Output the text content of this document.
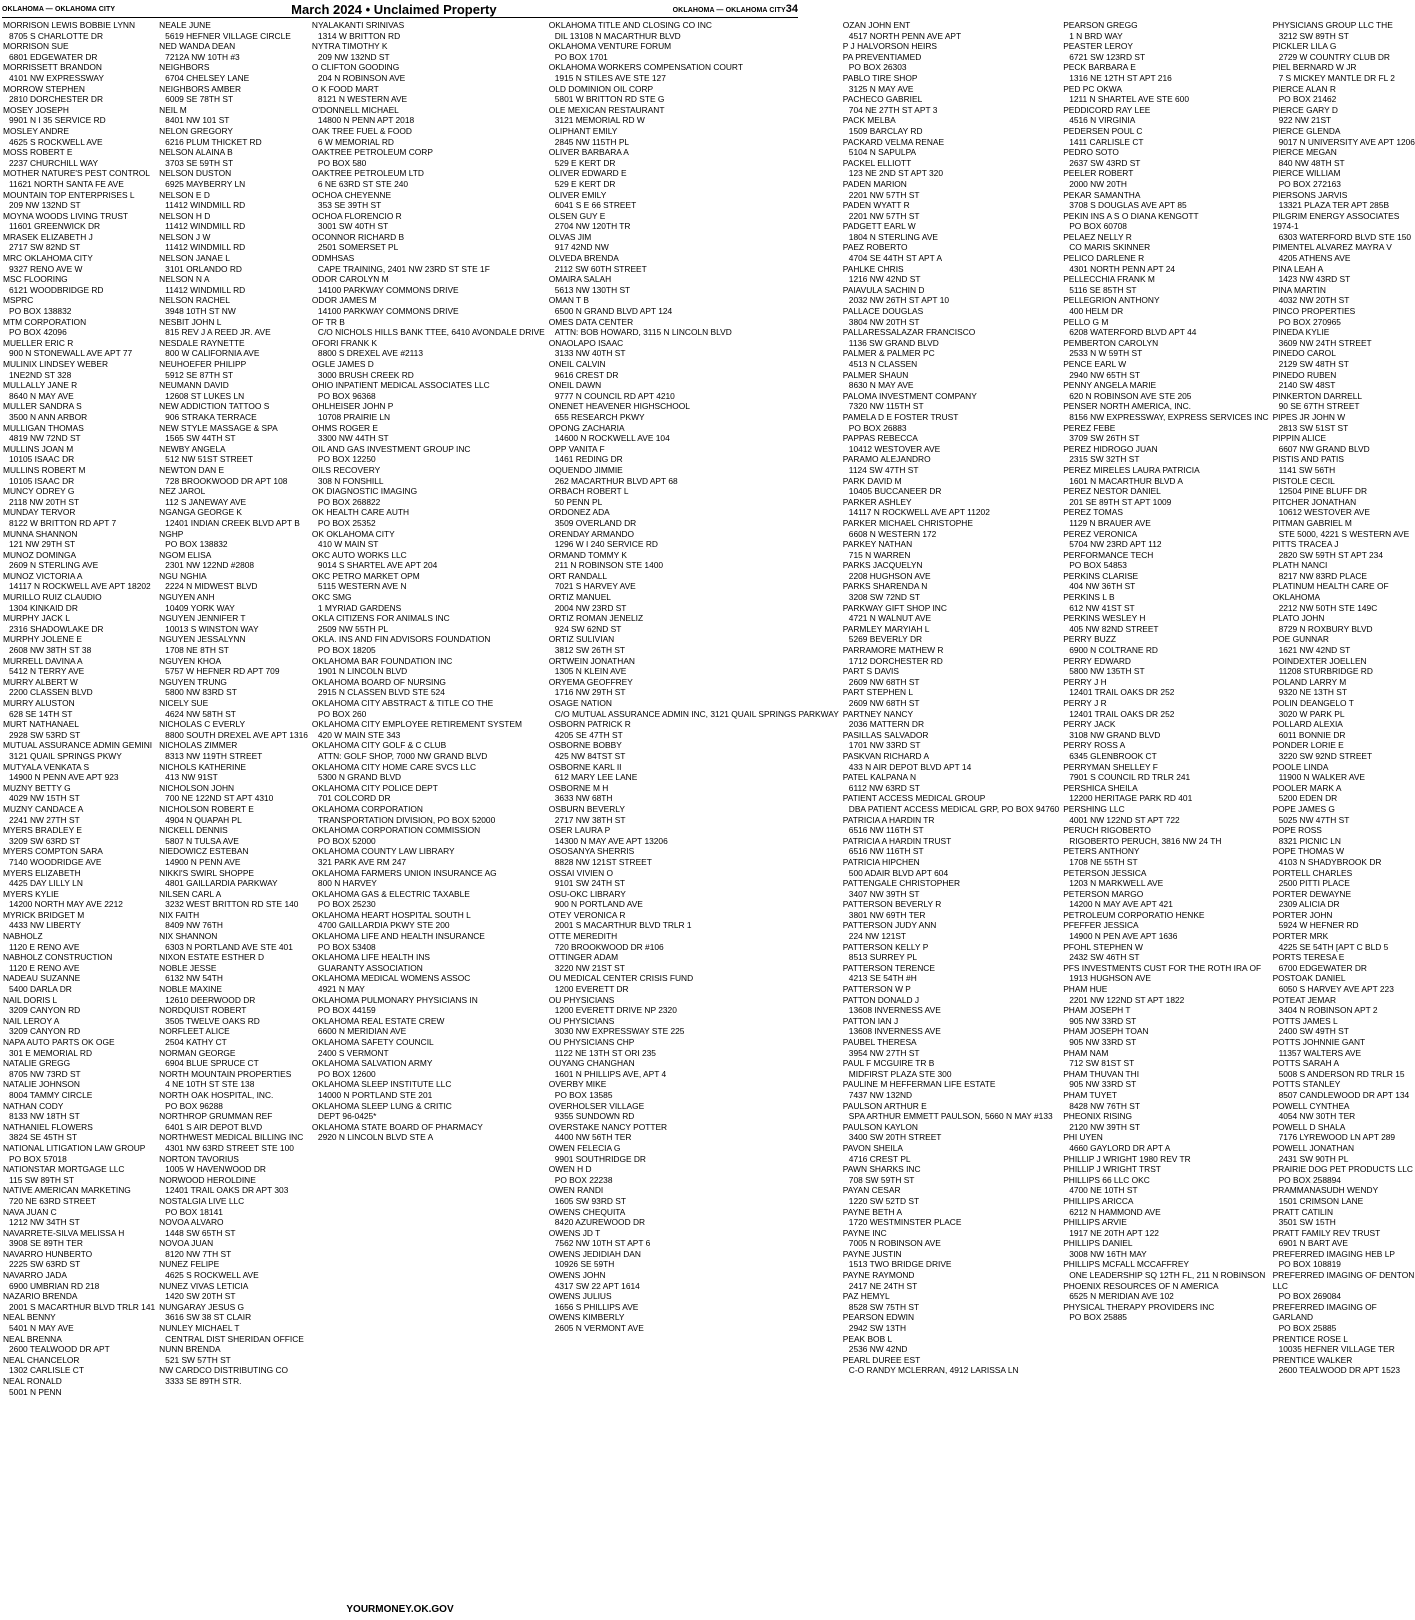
OKLAHOMA — OKLAHOMA CITY	March 2024 • Unclaimed Property	OKLAHOMA — OKLAHOMA CITY 34
MORRISON LEWIS BOBBIE LYNN
8705 S CHARLOTTE DR
MORRISON SUE
6801 EDGEWATER DR
MORRISSETT BRANDON
4101 NW EXPRESSWAY
MORROW STEPHEN
2810 DORCHESTER DR
MOSEY JOSEPH
9901 N I 35 SERVICE RD
MOSLEY ANDRE
4625 S ROCKWELL AVE
MOSS ROBERT E
2237 CHURCHILL WAY
MOTHER NATURE'S PEST CONTROL
11621 NORTH SANTA FE AVE
MOUNTAIN TOP ENTERPRISES L
209 NW 132ND ST
MOYNA WOODS LIVING TRUST
11601 GREENWICK DR
MRASEK ELIZABETH J
2717 SW 82ND ST
MRC OKLAHOMA CITY
9327 RENO AVE W
MSC FLOORING
6121 WOODBRIDGE RD
MSPRC
PO BOX 138832
MTM CORPORATION
PO BOX 42096
MUELLER ERIC R
900 N STONEWALL AVE APT 77
MULINIX LINDSEY WEBER
1NE2ND ST 328
MULLALLY JANE R
8640 N MAY AVE
MULLER SANDRA S
3500 N ANN ARBOR
MULLIGAN THOMAS
4819 NW 72ND ST
MULLINS JOAN M
10105 ISAAC DR
MULLINS ROBERT M
10105 ISAAC DR
MUNCY ODREY G
2118 NW 20TH ST
MUNDAY TERVOR
8122 W BRITTON RD APT 7
MUNNA SHANNON
121 NW 29TH ST
MUNOZ DOMINGA
2609 N STERLING AVE
MUNOZ VICTORIA A
14117 N ROCKWELL AVE APT 18202
MURILLO RUIZ CLAUDIO
1304 KINKAID DR
MURPHY JACK L
2316 SHADOWLAKE DR
MURPHY JOLENE E
2608 NW 38TH ST 38
MURRELL DAVINA A
5412 N TERRY AVE
MURRY ALBERT W
2200 CLASSEN BLVD
MURRY ALUSTON
628 SE 14TH ST
MURT NATHANAEL
2928 SW 53RD ST
MUTUAL ASSURANCE ADMIN GEMINI
3121 QUAIL SPRINGS PKWY
MUTYALA VENKATA S
14900 N PENN AVE APT 923
MUZNY BETTY G
4029 NW 15TH ST
MUZNY CANDACE A
2241 NW 27TH ST
MYERS BRADLEY E
3209 SW 63RD ST
MYERS COMPTON SARA
7140 WOODRIDGE AVE
MYERS ELIZABETH
4425 DAY LILLY LN
MYERS KYLIE
14200 NORTH MAY AVE 2212
MYRICK BRIDGET M
4433 NW LIBERTY
NABHOLZ
1120 E RENO AVE
NABHOLZ CONSTRUCTION
1120 E RENO AVE
NADEAU SUZANNE
5400 DARLA DR
NAIL DORIS L
3209 CANYON RD
NAIL LEROY A
3209 CANYON RD
NAPA AUTO PARTS OK OGE
301 E MEMORIAL RD
NATALIE GREGG
8705 NW 73RD ST
NATALIE JOHNSON
8004 TAMMY CIRCLE
NATHAN CODY
8133 NW 18TH ST
NATHANIEL FLOWERS
3824 SE 45TH ST
NATIONAL LITIGATION LAW GROUP
PO BOX 57018
NATIONSTAR MORTGAGE LLC
115 SW 89TH ST
NATIVE AMERICAN MARKETING
720 NE 63RD STREET
NAVA JUAN C
1212 NW 34TH ST
NAVARRETE-SILVA MELISSA H
3908 SE 89TH TER
NAVARRO HUNBERTO
2225 SW 63RD ST
NAVARRO JADA
6900 UMBRIAN RD 218
NAZARIO BRENDA
2001 S MACARTHUR BLVD TRLR 141
NEAL BENNY
5401 N MAY AVE
NEAL BRENNA
2600 TEALWOOD DR APT
NEAL CHANCELOR
1302 CARLISLE CT
NEAL RONALD
5001 N PENN
NEALE JUNE
5619 HEFNER VILLAGE CIRCLE
NED WANDA DEAN
7212A NW 10TH #3
NEIGHBORS
6704 CHELSEY LANE
NEIGHBORS AMBER
6009 SE 78TH ST
NEIL M
8401 NW 101 ST
NELON GREGORY
6216 PLUM THICKET RD
NELSON ALAINA B
3703 SE 59TH ST
NELSON DUSTON
6925 MAYBERRY LN
NELSON E D
11412 WINDMILL RD
NELSON H D
11412 WINDMILL RD
NELSON J W
11412 WINDMILL RD
NELSON JANAE L
3101 ORLANDO RD
NELSON N A
11412 WINDMILL RD
NELSON RACHEL
3948 10TH ST NW
NESBIT JOHN L
815 REV J A REED JR. AVE
NESDALE RAYNETTE
800 W CALIFORNIA AVE
NEUHOEFER PHILIPP
5912 SE 87TH ST
NEUMANN DAVID
12608 ST LUKES LN
NEW ADDICTION TATTOO S
906 STRAKA TERRACE
NEW STYLE MASSAGE & SPA
1565 SW 44TH ST
NEWBY ANGELA
512 NW 51ST STREET
NEWTON DAN E
728 BROOKWOOD DR APT 108
NEZ JAROL
112 S JANEWAY AVE
NGANGA GEORGE K
12401 INDIAN CREEK BLVD APT B
NGHP
PO BOX 138832
NGOM ELISA
2301 NW 122ND #2808
NGU NGHIA
2224 N MIDWEST BLVD
NGUYEN ANH
10409 YORK WAY
NGUYEN JENNIFER T
10013 S WINSTON WAY
NGUYEN JESSALYNN
1708 NE 8TH ST
NGUYEN KHOA
5757 W HEFNER RD APT 709
NGUYEN TRUNG
5800 NW 83RD ST
NICELY SUE
4624 NW 58TH ST
NICHOLAS C EVERLY
8800 SOUTH DREXEL AVE APT 1316
NICHOLAS ZIMMER
8313 NW 119TH STREET
NICHOLS KATHERINE
413 NW 91ST
NICHOLSON JOHN
700 NE 122ND ST APT 4310
NICHOLSON ROBERT E
4904 N QUAPAH PL
NICKELL DENNIS
5807 N TULSA AVE
NIEDOWICZ ESTEBAN
14900 N PENN AVE
NIKKI'S SWIRL SHOPPE
4801 GAILLARDIA PARKWAY
NILSEN CARL A
3232 WEST BRITTON RD STE 140
NIX FAITH
8409 NW 76TH
NIX SHANNON
6303 N PORTLAND AVE STE 401
NIXON ESTATE ESTHER D
NOBLE JESSE
6132 NW 54TH
NOBLE MAXINE
12610 DEERWOOD DR
NORDQUIST ROBERT
3505 TWELVE OAKS RD
NORFLEET ALICE
2504 KATHY CT
NORMAN GEORGE
6904 BLUE SPRUCE CT
NORTH MOUNTAIN PROPERTIES
4 NE 10TH ST STE 138
NORTH OAK HOSPITAL, INC.
PO BOX 96288
NORTHROP GRUMMAN REF
6401 S AIR DEPOT BLVD
NORTHWEST MEDICAL BILLING INC
4301 NW 63RD STREET STE 100
NORTON TAVORIUS
1005 W HAVENWOOD DR
NORWOOD HEROLDINE
12401 TRAIL OAKS DR APT 303
NOSTALGIA LIVE LLC
PO BOX 18141
NOVOA ALVARO
1448 SW 65TH ST
NOVOA JUAN
8120 NW 7TH ST
NUNEZ FELIPE
4625 S ROCKWELL AVE
NUNEZ VIVAS LETICIA
1420 SW 20TH ST
NUNGARAY JESUS G
3616 SW 38 ST CLAIR
NUNLEY MICHAEL T
CENTRAL DIST SHERIDAN OFFICE
NUNN BRENDA
521 SW 57TH ST
NW CARDCO DISTRIBUTING CO
3333 SE 89TH STR.
NYALAKANTI SRINIVAS
1314 W BRITTON RD
NYTRA TIMOTHY K
209 NW 132ND ST
O CLIFTON GOODING
204 N ROBINSON AVE
O K FOOD MART
8121 N WESTERN AVE
O'DONNELL MICHAEL
14800 N PENN APT 2018
OAK TREE FUEL & FOOD
6 W MEMORIAL RD
OAKTREE PETROLEUM CORP
PO BOX 580
OAKTREE PETROLEUM LTD
6 NE 63RD ST STE 240
OCHOA CHEYENNE
353 SE 39TH ST
OCHOA FLORENCIO R
3001 SW 40TH ST
OCONNOR RICHARD B
2501 SOMERSET PL
ODMHSAS
CAPE TRAINING, 2401 NW 23RD ST STE 1F
ODOR CAROLYN M
14100 PARKWAY COMMONS DRIVE
ODOR JAMES M
14100 PARKWAY COMMONS DRIVE
OF TR B
C/O NICHOLS HILLS BANK TTEE, 6410 AVONDALE DRIVE
OFORI FRANK K
8800 S DREXEL AVE #2113
OGLE JAMES D
3000 BRUSH CREEK RD
OHIO INPATIENT MEDICAL ASSOCIATES LLC
PO BOX 96368
OHLHEISER JOHN P
10708 PRAIRIE LN
OHMS ROGER E
3300 NW 44TH ST
OIL AND GAS INVESTMENT GROUP INC
PO BOX 12250
OILS RECOVERY
308 N FONSHILL
OK DIAGNOSTIC IMAGING
PO BOX 268822
OK HEALTH CARE AUTH
PO BOX 25352
OK OKLAHOMA CITY
410 W MAIN ST
OKC AUTO WORKS LLC
9014 S SHARTEL AVE APT 204
OKC PETRO MARKET OPM
5115 WESTERN AVE N
OKC SMG
1 MYRIAD GARDENS
OKLA CITIZENS FOR ANIMALS INC
2509 NW 55TH PL
OKLA. INS AND FIN ADVISORS FOUNDATION
PO BOX 18205
OKLAHOMA BAR FOUNDATION INC
1901 N LINCOLN BLVD
OKLAHOMA BOARD OF NURSING
2915 N CLASSEN BLVD STE 524
OKLAHOMA CITY ABSTRACT & TITLE CO THE
PO BOX 260
OKLAHOMA CITY EMPLOYEE RETIREMENT SYSTEM
420 W MAIN STE 343
OKLAHOMA CITY GOLF & C CLUB
ATTN: GOLF SHOP, 7000 NW GRAND BLVD
OKLAHOMA CITY HOME CARE SVCS LLC
5300 N GRAND BLVD
OKLAHOMA CITY POLICE DEPT
701 COLCORD DR
OKLAHOMA CORPORATION
TRANSPORTATION DIVISION, PO BOX 52000
OKLAHOMA CORPORATION COMMISSION
PO BOX 52000
OKLAHOMA COUNTY LAW LIBRARY
321 PARK AVE RM 247
OKLAHOMA FARMERS UNION INSURANCE AG
800 N HARVEY
OKLAHOMA GAS & ELECTRIC TAXABLE
PO BOX 25230
OKLAHOMA HEART HOSPITAL SOUTH L
4700 GAILLARDIA PKWY STE 200
OKLAHOMA LIFE AND HEALTH INSURANCE
PO BOX 53408
OKLAHOMA LIFE HEALTH INS
GUARANTY ASSOCIATION
OKLAHOMA MEDICAL WOMENS ASSOC
4921 N MAY
OKLAHOMA PULMONARY PHYSICIANS IN
PO BOX 44159
OKLAHOMA REAL ESTATE CREW
6600 N MERIDIAN AVE
OKLAHOMA SAFETY COUNCIL
2400 S VERMONT
OKLAHOMA SALVATION ARMY
PO BOX 12600
OKLAHOMA SLEEP INSTITUTE LLC
14000 N PORTLAND STE 201
OKLAHOMA SLEEP LUNG & CRITIC
DEPT 96-0425*
OKLAHOMA STATE BOARD OF PHARMACY
2920 N LINCOLN BLVD STE A
OKLAHOMA TITLE AND CLOSING CO INC
DIL 13108 N MACARTHUR BLVD
OKLAHOMA VENTURE FORUM
PO BOX 1701
OKLAHOMA WORKERS COMPENSATION COURT
1915 N STILES AVE STE 127
OLD DOMINION OIL CORP
5801 W BRITTON RD STE G
OLE MEXICAN RESTAURANT
3121 MEMORIAL RD W
OLIPHANT EMILY
2845 NW 115TH PL
OLIVER BARBARA A
529 E KERT DR
OLIVER EDWARD E
529 E KERT DR
OLIVER EMILY
6041 S E 66 STREET
OLSEN GUY E
2704 NW 120TH TR
OLVAS JIM
917 42ND NW
OLVEDA BRENDA
2112 SW 60TH STREET
OMAIRA SALAH
5613 NW 130TH ST
OMAN T B
6500 N GRAND BLVD APT 124
OMES DATA CENTER
ATTN: BOB HOWARD, 3115 N LINCOLN BLVD
ONAOLAPO ISAAC
3133 NW 40TH ST
ONEIL CALVIN
9616 CREST DR
ONEIL DAWN
9777 N COUNCIL RD APT 4210
ONENET HEAVENER HIGHSCHOOL
655 RESEARCH PKWY
OPONG ZACHARIA
14600 N ROCKWELL AVE 104
OPP VANITA F
1461 REDING DR
OQUENDO JIMMIE
262 MACARTHUR BLVD APT 68
ORBACH ROBERT L
50 PENN PL
ORDONEZ ADA
3509 OVERLAND DR
ORENDAY ARMANDO
1296 W I 240 SERVICE RD
ORMAND TOMMY K
211 N ROBINSON STE 1400
ORT RANDALL
7021 S HARVEY AVE
ORTIZ MANUEL
2004 NW 23RD ST
ORTIZ ROMAN JENELIZ
924 SW 62ND ST
ORTIZ SULIVIAN
3812 SW 26TH ST
ORTWEIN JONATHAN
1305 N KLEIN AVE
ORYEMA GEOFFREY
1716 NW 29TH ST
OSAGE NATION
C/O MUTUAL ASSURANCE ADMIN INC, 3121 QUAIL SPRINGS PARKWAY
OSBORN PATRICK R
4205 SE 47TH ST
OSBORNE BOBBY
425 NW 84TST ST
OSBORNE KARL II
612 MARY LEE LANE
OSBORNE M H
3633 NW 68TH
OSBURN BEVERLY
2717 NW 38TH ST
OSER LAURA P
14300 N MAY AVE APT 13206
OSOSANYA SHERRIS
8828 NW 121ST STREET
OSSAI VIVIEN O
9101 SW 24TH ST
OSU-OKC LIBRARY
900 N PORTLAND AVE
OTEY VERONICA R
2001 S MACARTHUR BLVD TRLR 1
OTTE MEREDITH
720 BROOKWOOD DR #106
OTTINGER ADAM
3220 NW 21ST ST
OU MEDICAL CENTER CRISIS FUND
1200 EVERETT DR
OU PHYSICIANS
1200 EVERETT DRIVE NP 2320
OU PHYSICIANS
3030 NW EXPRESSWAY STE 225
OU PHYSICIANS CHP
1122 NE 13TH ST ORI 235
OUYANG CHANGHAN
1601 N PHILLIPS AVE, APT 4
OVERBY MIKE
PO BOX 13585
OVERHOLSER VILLAGE
9355 SUNDOWN RD
OVERSTAKE NANCY POTTER
4400 NW 56TH TER
OWEN FELECIA G
9901 SOUTHRIDGE DR
OWEN H D
PO BOX 22238
OWEN RANDI
1605 SW 93RD ST
OWENS CHEQUITA
8420 AZUREWOOD DR
OWENS JD T
7562 NW 10TH ST APT 6
OWENS JEDIDIAH DAN
10926 SE 59TH
OWENS JOHN
4317 SW 22 APT 1614
OWENS JULIUS
1656 S PHILLIPS AVE
OWENS KIMBERLY
2605 N VERMONT AVE
OZAN JOHN ENT
4517 NORTH PENN AVE APT
P J HALVORSON HEIRS
PA PREVENTIAMED
PO BOX 26303
PABLO TIRE SHOP
3125 N MAY AVE
PACHECO GABRIEL
704 NE 27TH ST APT 3
PACK MELBA
1509 BARCLAY RD
PACKARD VELMA RENAE
5104 N SAPULPA
PACKEL ELLIOTT
123 NE 2ND ST APT 320
PADEN MARION
2201 NW 57TH ST
PADEN WYATT R
2201 NW 57TH ST
PADGETT EARL W
1804 N STERLING AVE
PAEZ ROBERTO
4704 SE 44TH ST APT A
PAHLKE CHRIS
1216 NW 42ND ST
PAIAVULA SACHIN D
2032 NW 26TH ST APT 10
PALLACE DOUGLAS
3804 NW 20TH ST
PALLARESSALAZAR FRANCISCO
1136 SW GRAND BLVD
PALMER & PALMER PC
4513 N CLASSEN
PALMER SHAUN
8630 N MAY AVE
PALOMA INVESTMENT COMPANY
7320 NW 115TH ST
PAMELA D E FOSTER TRUST
PO BOX 26883
PAPPAS REBECCA
10412 WESTOVER AVE
PARAMO ALEJANDRO
1124 SW 47TH ST
PARK DAVID M
10405 BUCCANEER DR
PARKER ASHLEY
14117 N ROCKWELL AVE APT 11202
PARKER MICHAEL CHRISTOPHE
6608 N WESTERN 172
PARKEY NATHAN
715 N WARREN
PARKS JACQUELYN
2208 HUGHSON AVE
PARKS SHARENDA N
3208 SW 72ND ST
PARKWAY GIFT SHOP INC
4721 N WALNUT AVE
PARMLEY MARYIAH L
5269 BEVERLY DR
PARRAMORE MATHEW R
1712 DORCHESTER RD
PART S DAVIS
2609 NW 68TH ST
PART STEPHEN L
2609 NW 68TH ST
PARTNEY NANCY
2036 MATTERN DR
PASILLAS SALVADOR
1701 NW 33RD ST
PASKVAN RICHARD A
433 N AIR DEPOT BLVD APT 14
PATEL KALPANA N
6112 NW 63RD ST
PATIENT ACCESS MEDICAL GROUP
DBA PATIENT ACCESS MEDICAL GRP, PO BOX 94760
PATRICIA A HARDIN TR
6516 NW 116TH ST
PATRICIA A HARDIN TRUST
6516 NW 116TH ST
PATRICIA HIPCHEN
500 ADAIR BLVD APT 604
PATTENGALE CHRISTOPHER
3407 NW 39TH ST
PATTERSON BEVERLY R
3801 NW 69TH TER
PATTERSON JUDY ANN
224 NW 121ST
PATTERSON KELLY P
8513 SURREY PL
PATTERSON TERENCE
4213 SE 54TH #H
PATTERSON W P
PATTON DONALD J
13608 INVERNESS AVE
PATTON IAN J
13608 INVERNESS AVE
PAUBEL THERESA
3954 NW 27TH ST
PAUL F MCGUIRE TR B
MIDFIRST PLAZA STE 300
PAULINE M HEFFERMAN LIFE ESTATE
7437 NW 132ND
PAULSON ARTHUR E
SPA ARTHUR EMMETT PAULSON, 5660 N MAY #133
PAULSON KAYLON
3400 SW 20TH STREET
PAVON SHEILA
4716 CREST PL
PAWN SHARKS INC
708 SW 59TH ST
PAYAN CESAR
1220 SW 52TD ST
PAYNE BETH A
1720 WESTMINSTER PLACE
PAYNE INC
7005 N ROBINSON AVE
PAYNE JUSTIN
1513 TWO BRIDGE DRIVE
PAYNE RAYMOND
2417 NE 24TH ST
PAZ HEMYL
8528 SW 75TH ST
PEARSON EDWIN
2942 SW 13TH
PEAK BOB L
2536 NW 42ND
PEARL DUREE EST
C-O RANDY MCLERRAN, 4912 LARISSA LN
PEARSON GREGG
1 N BRD WAY
PEASTER LEROY
6721 SW 123RD ST
PECK BARBARA E
1316 NE 12TH ST APT 216
PED PC OKWA
1211 N SHARTEL AVE STE 600
PEDDICORD RAY LEE
4516 N VIRGINIA
PEDERSEN POUL C
1411 CARLISLE CT
PEDRO SOTO
2637 SW 43RD ST
PEELER ROBERT
2000 NW 20TH
PEKAR SAMANTHA
3708 S DOUGLAS AVE APT 85
PEKIN INS A S O DIANA KENGOTT
PO BOX 60708
PELAEZ NELLY R
CO MARIS SKINNER
PELICO DARLENE R
4301 NORTH PENN APT 24
PELLECCHIA FRANK M
5116 SE 85TH ST
PELLEGRION ANTHONY
400 HELM DR
PELLO G M
6208 WATERFORD BLVD APT 44
PEMBERTON CAROLYN
2533 N W 59TH ST
PENCE EARL W
2940 NW 65TH ST
PENNY ANGELA MARIE
620 N ROBINSON AVE STE 205
PENSER NORTH AMERICA, INC.
8156 NW EXPRESSWAY, EXPRESS SERVICES INC
PEREZ FEBE
3709 SW 26TH ST
PEREZ HIDROGO JUAN
2315 SW 32TH ST
PEREZ MIRELES LAURA PATRICIA
1601 N MACARTHUR BLVD A
PEREZ NESTOR DANIEL
201 SE 89TH ST APT 1009
PEREZ TOMAS
1129 N BRAUER AVE
PEREZ VERONICA
5704 NW 23RD APT 112
PERFORMANCE TECH
PO BOX 54853
PERKINS CLARISE
404 NW 36TH ST
PERKINS L B
612 NW 41ST ST
PERKINS WESLEY H
405 NW 82ND STREET
PERRY BUZZ
6900 N COLTRANE RD
PERRY EDWARD
5800 NW 135TH ST
PERRY J H
12401 TRAIL OAKS DR 252
PERRY J R
12401 TRAIL OAKS DR 252
PERRY JACK
3108 NW GRAND BLVD
PERRY ROSS A
6345 GLENBROOK CT
PERRYMAN SHELLEY F
7901 S COUNCIL RD TRLR 241
PERSHICA SHEILA
12200 HERITAGE PARK RD 401
PERSHING LLC
4001 NW 122ND ST APT 722
PERUCH RIGOBERTO
RIGOBERTO PERUCH, 3816 NW 24 TH
PETERS ANTHONY
1708 NE 55TH ST
PETERSON JESSICA
1203 N MARKWELL AVE
PETERSON MARGO
14200 N MAY AVE APT 421
PETROLEUM CORPORATIO HENKE
PFEFFER JESSICA
14900 N PEN AVE APT 1636
PFOHL STEPHEN W
2432 SW 46TH ST
PFS INVESTMENTS CUST FOR THE ROTH IRA OF
1913 HUGHSON AVE
PHAM HUE
2201 NW 122ND ST APT 1822
PHAM JOSEPH T
905 NW 33RD ST
PHAM JOSEPH TOAN
905 NW 33RD ST
PHAM NAM
712 SW 81ST ST
PHAM THUVAN THI
905 NW 33RD ST
PHAM TUYET
8428 NW 76TH ST
PHEONIX RISING
2120 NW 39TH ST
PHI UYEN
4660 GAYLORD DR APT A
PHILLIP J WRIGHT 1980 REV TR
PHILLIP J WRIGHT TRST
PHILLIPS 66 LLC OKC
4700 NE 10TH ST
PHILLIPS ARICCA
6212 N HAMMOND AVE
PHILLIPS ARVIE
1917 NE 20TH APT 122
PHILLIPS DANIEL
3008 NW 16TH MAY
PHILLIPS MCFALL MCCAFFREY
ONE LEADERSHIP SQ 12TH FL, 211 N ROBINSON
PHOENIX RESOURCES OF N AMERICA
6525 N MERIDIAN AVE 102
PHYSICAL THERAPY PROVIDERS INC
PO BOX 25885
PHYSICIANS GROUP LLC THE
3212 SW 89TH ST
PICKLER LILA G
2729 W COUNTRY CLUB DR
PIEL BERNARD W JR
7 S MICKEY MANTLE DR FL 2
PIERCE ALAN R
PO BOX 21462
PIERCE GARY D
922 NW 21ST
PIERCE GLENDA
9017 N UNIVERSITY AVE APT 1206
PIERCE MEGAN
840 NW 48TH ST
PIERCE WILLIAM
PO BOX 272163
PIERSONS JARVIS
13321 PLAZA TER APT 285B
PILGRIM ENERGY ASSOCIATES 1974-1
6303 WATERFORD BLVD STE 150
PIMENTEL ALVAREZ MAYRA V
4205 ATHENS AVE
PINA LEAH A
1423 NW 43RD ST
PINA MARTIN
4032 NW 20TH ST
PINCO PROPERTIES
PO BOX 270965
PINEDA KYLIE
3609 NW 24TH STREET
PINEDO CAROL
2129 SW 48TH ST
PINEDO RUBEN
2140 SW 48ST
PINKERTON DARRELL
90 SE 67TH STREET
PIPES JR JOHN W
2813 SW 51ST ST
PIPPIN ALICE
6607 NW GRAND BLVD
PISTIS AND PATIS
1141 SW 56TH
PISTOLE CECIL
12504 PINE BLUFF DR
PITCHER JONATHAN
10612 WESTOVER AVE
PITMAN GABRIEL M
STE 5000, 4221 S WESTERN AVE
PITTS TRACEA J
2820 SW 59TH ST APT 234
PLATH NANCI
8217 NW 83RD PLACE
PLATINUM HEALTH CARE OF OKLAHOMA
2212 NW 50TH STE 149C
PLATO JOHN
8729 N ROXBURY BLVD
POE GUNNAR
1621 NW 42ND ST
POINDEXTER JOELLEN
11208 STURBRIDGE RD
POLAND LARRY M
9320 NE 13TH ST
POLIN DEANGELO T
3020 W PARK PL
POLLARD ALEXIA
6011 BONNIE DR
PONDER LORIE E
3220 SW 92ND STREET
POOLE LINDA
11900 N WALKER AVE
POOLER MARK A
5200 EDEN DR
POPE JAMES G
5025 NW 47TH ST
POPE ROSS
8321 PICNIC LN
POPE THOMAS W
4103 N SHADYBROOK DR
PORTELL CHARLES
2500 PITTI PLACE
PORTER DEWAYNE
2309 ALICIA DR
PORTER JOHN
5924 W HEFNER RD
PORTER MRK
4225 SE 54TH [APT C BLD 5
PORTS TERESA E
6700 EDGEWATER DR
POSTOAK DANIEL
6050 S HARVEY AVE APT 223
POTEAT JEMAR
3404 N ROBINSON APT 2
POTTS JAMES L
2400 SW 49TH ST
POTTS JOHNNIE GANT
11357 WALTERS AVE
POTTS SARAH A
5008 S ANDERSON RD TRLR 15
POTTS STANLEY
8507 CANDLEWOOD DR APT 134
POWELL CYNTHEA
4054 NW 30TH TER
POWELL D SHALA
7176 LYREWOOD LN APT 289
POWELL JONATHAN
2431 SW 90TH PL
PRAIRIE DOG PET PRODUCTS LLC
PO BOX 258894
PRAMMANASUDH WENDY
1501 CRIMSON LANE
PRATT CATILIN
3501 SW 15TH
PRATT FAMILY REV TRUST
6901 N BART AVE
PREFERRED IMAGING HEB LP
PO BOX 108819
PREFERRED IMAGING OF DENTON LLC
PO BOX 269084
PREFERRED IMAGING OF GARLAND
PO BOX 25885
PRENTICE ROSE L
10035 HEFNER VILLAGE TER
PRENTICE WALKER
2600 TEALWOOD DR APT 1523
YOURMONEY.OK.GOV
